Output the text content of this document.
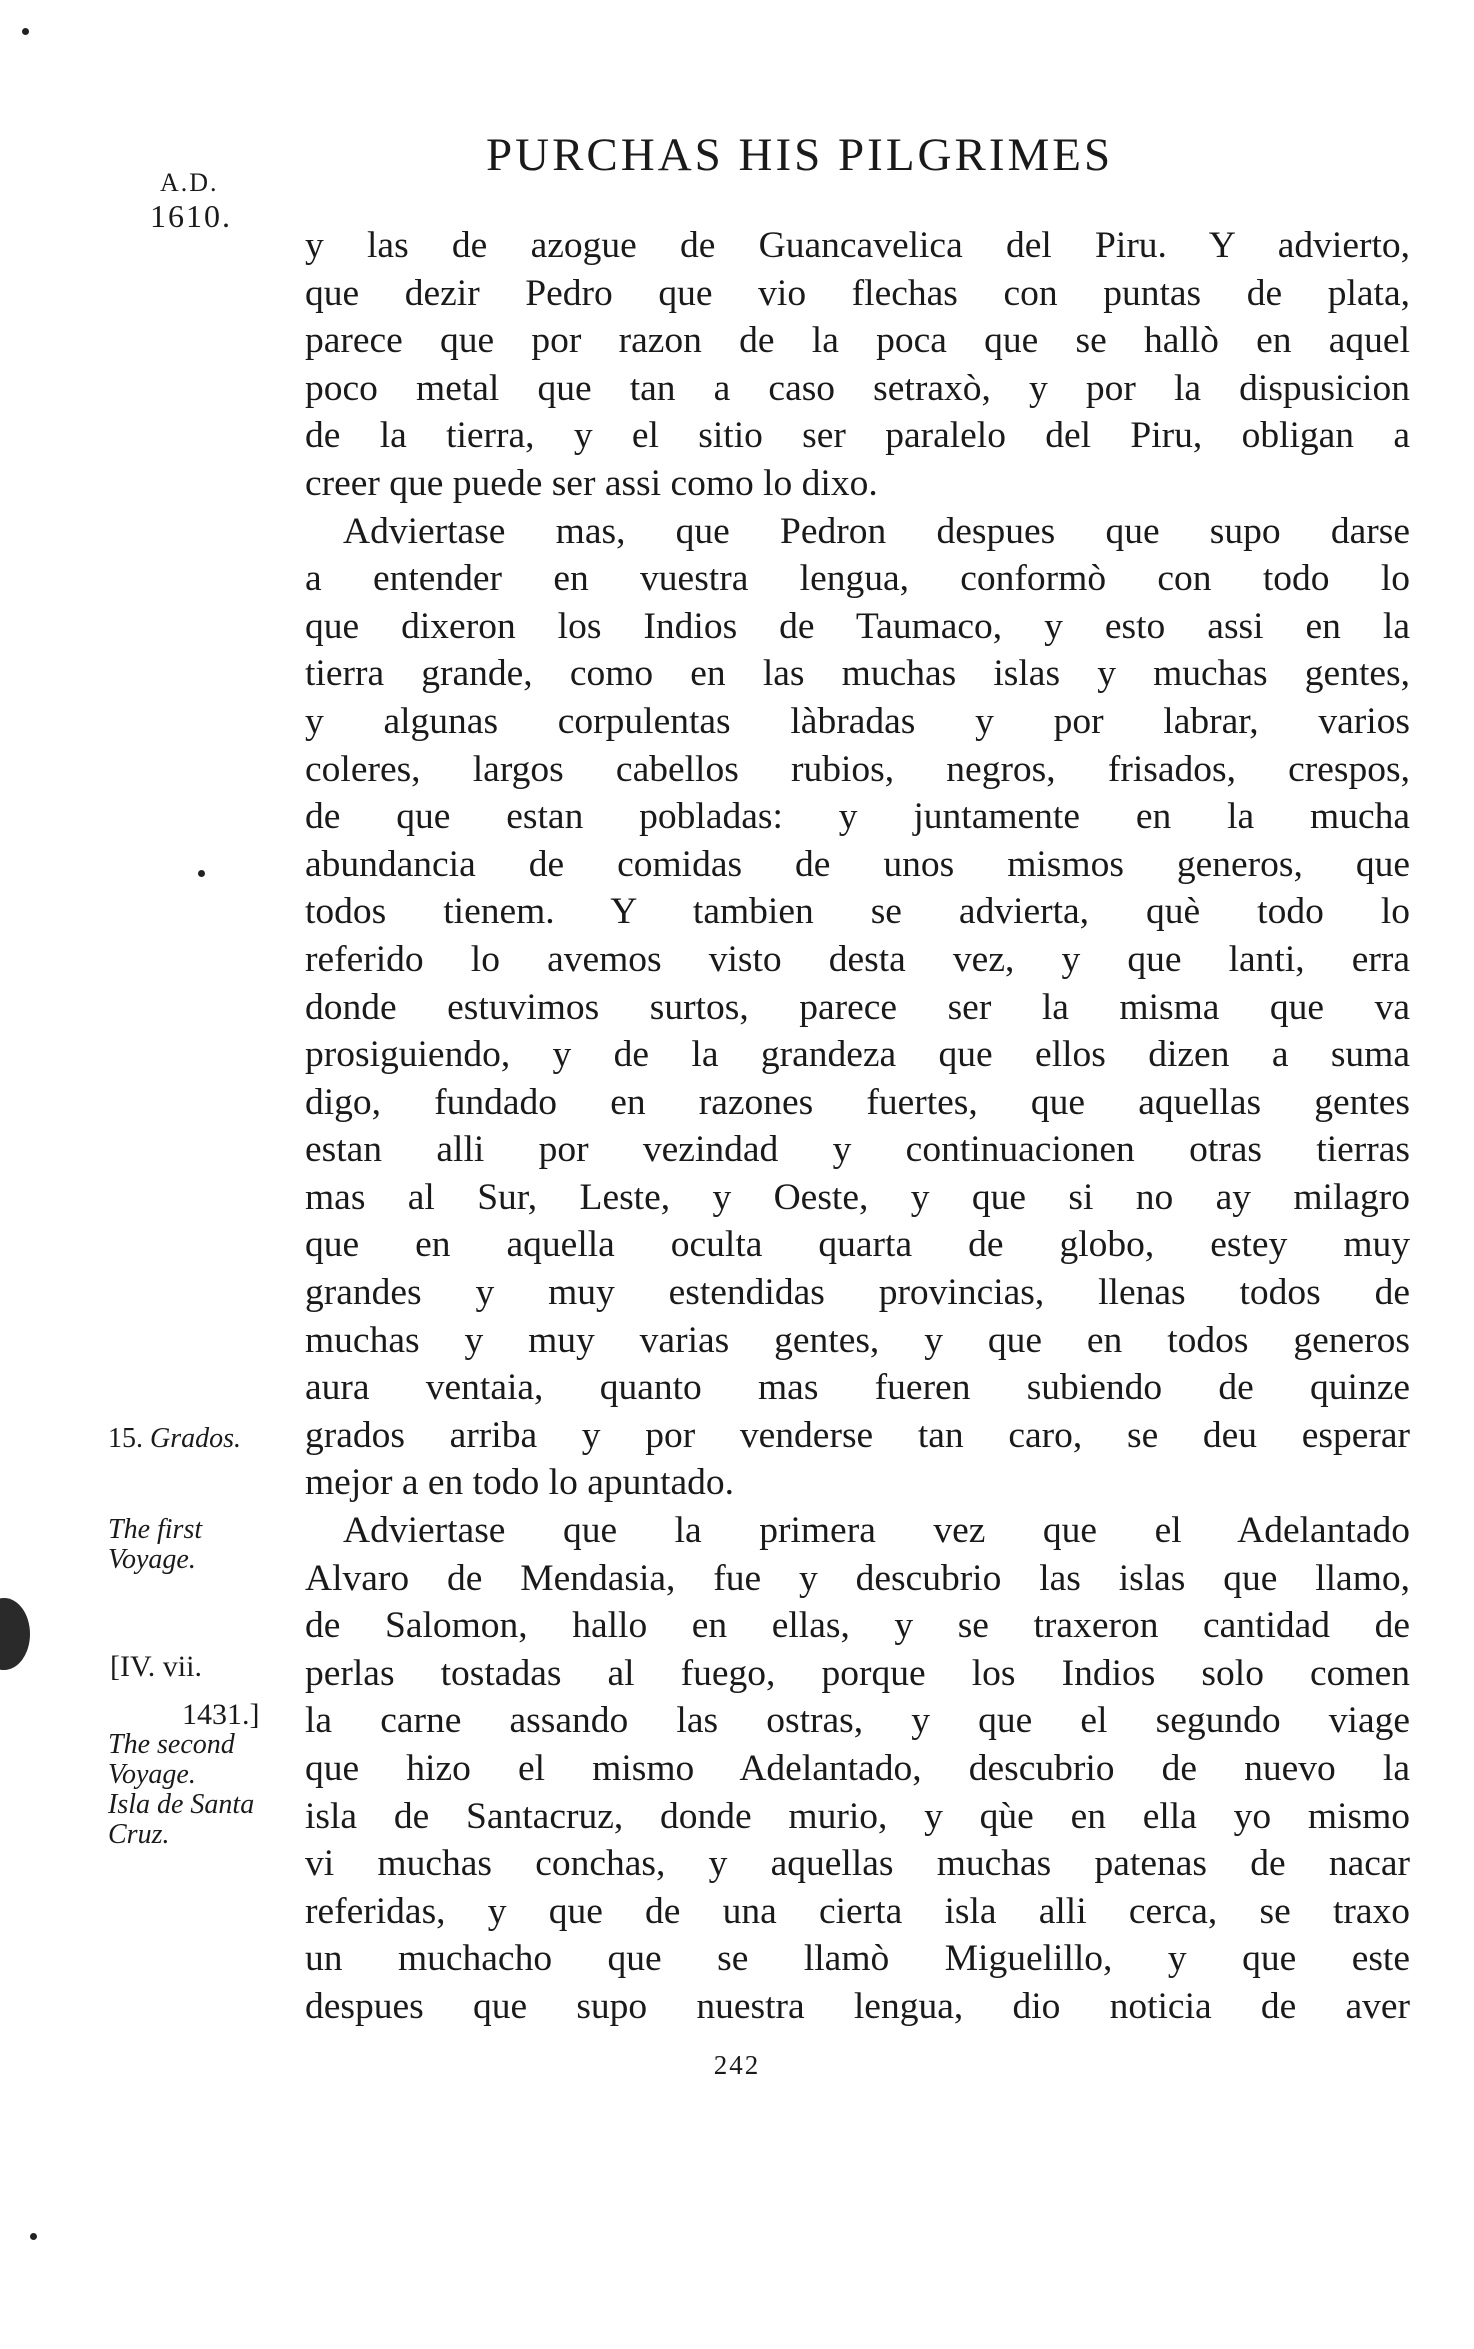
A.D.
1610.
PURCHAS HIS PILGRIMES
y las de azogue de Guancavelica del Piru. Y advierto,
que dezir Pedro que vio flechas con puntas de plata,
parece que por razon de la poca que se hallò en aquel
poco metal que tan a caso setraxò, y por la dispusicion
de la tierra, y el sitio ser paralelo del Piru, obligan a
creer que puede ser assi como lo dixo.
Adviertase mas, que Pedron despues que supo darse
a entender en vuestra lengua, conformò con todo lo
que dixeron los Indios de Taumaco, y esto assi en la
tierra grande, como en las muchas islas y muchas gentes,
y algunas corpulentas làbradas y por labrar, varios
coleres, largos cabellos rubios, negros, frisados, crespos,
de que estan pobladas: y juntamente en la mucha
abundancia de comidas de unos mismos generos, que
todos tienem. Y tambien se advierta, què todo lo
referido lo avemos visto desta vez, y que lanti, erra
donde estuvimos surtos, parece ser la misma que va
prosiguiendo, y de la grandeza que ellos dizen a suma
digo, fundado en razones fuertes, que aquellas gentes
estan alli por vezindad y continuacionen otras tierras
mas al Sur, Leste, y Oeste, y que si no ay milagro
que en aquella oculta quarta de globo, estey muy
grandes y muy estendidas provincias, llenas todos de
muchas y muy varias gentes, y que en todos generos
aura ventaia, quanto mas fueren subiendo de quinze
grados arriba y por venderse tan caro, se deu esperar
mejor a en todo lo apuntado.
Adviertase que la primera vez que el Adelantado
Alvaro de Mendasia, fue y descubrio las islas que llamo,
de Salomon, hallo en ellas, y se traxeron cantidad de
perlas tostadas al fuego, porque los Indios solo comen
la carne assando las ostras, y que el segundo viage
que hizo el mismo Adelantado, descubrio de nuevo la
isla de Santacruz, donde murio, y qùe en ella yo mismo
vi muchas conchas, y aquellas muchas patenas de nacar
referidas, y que de una cierta isla alli cerca, se traxo
un muchacho que se llamò Miguelillo, y que este
despues que supo nuestra lengua, dio noticia de aver
15. Grados.
The first
Voyage.
[IV. vii.
1431.]
The second
Voyage.
Isla de Santa
Cruz.
242
